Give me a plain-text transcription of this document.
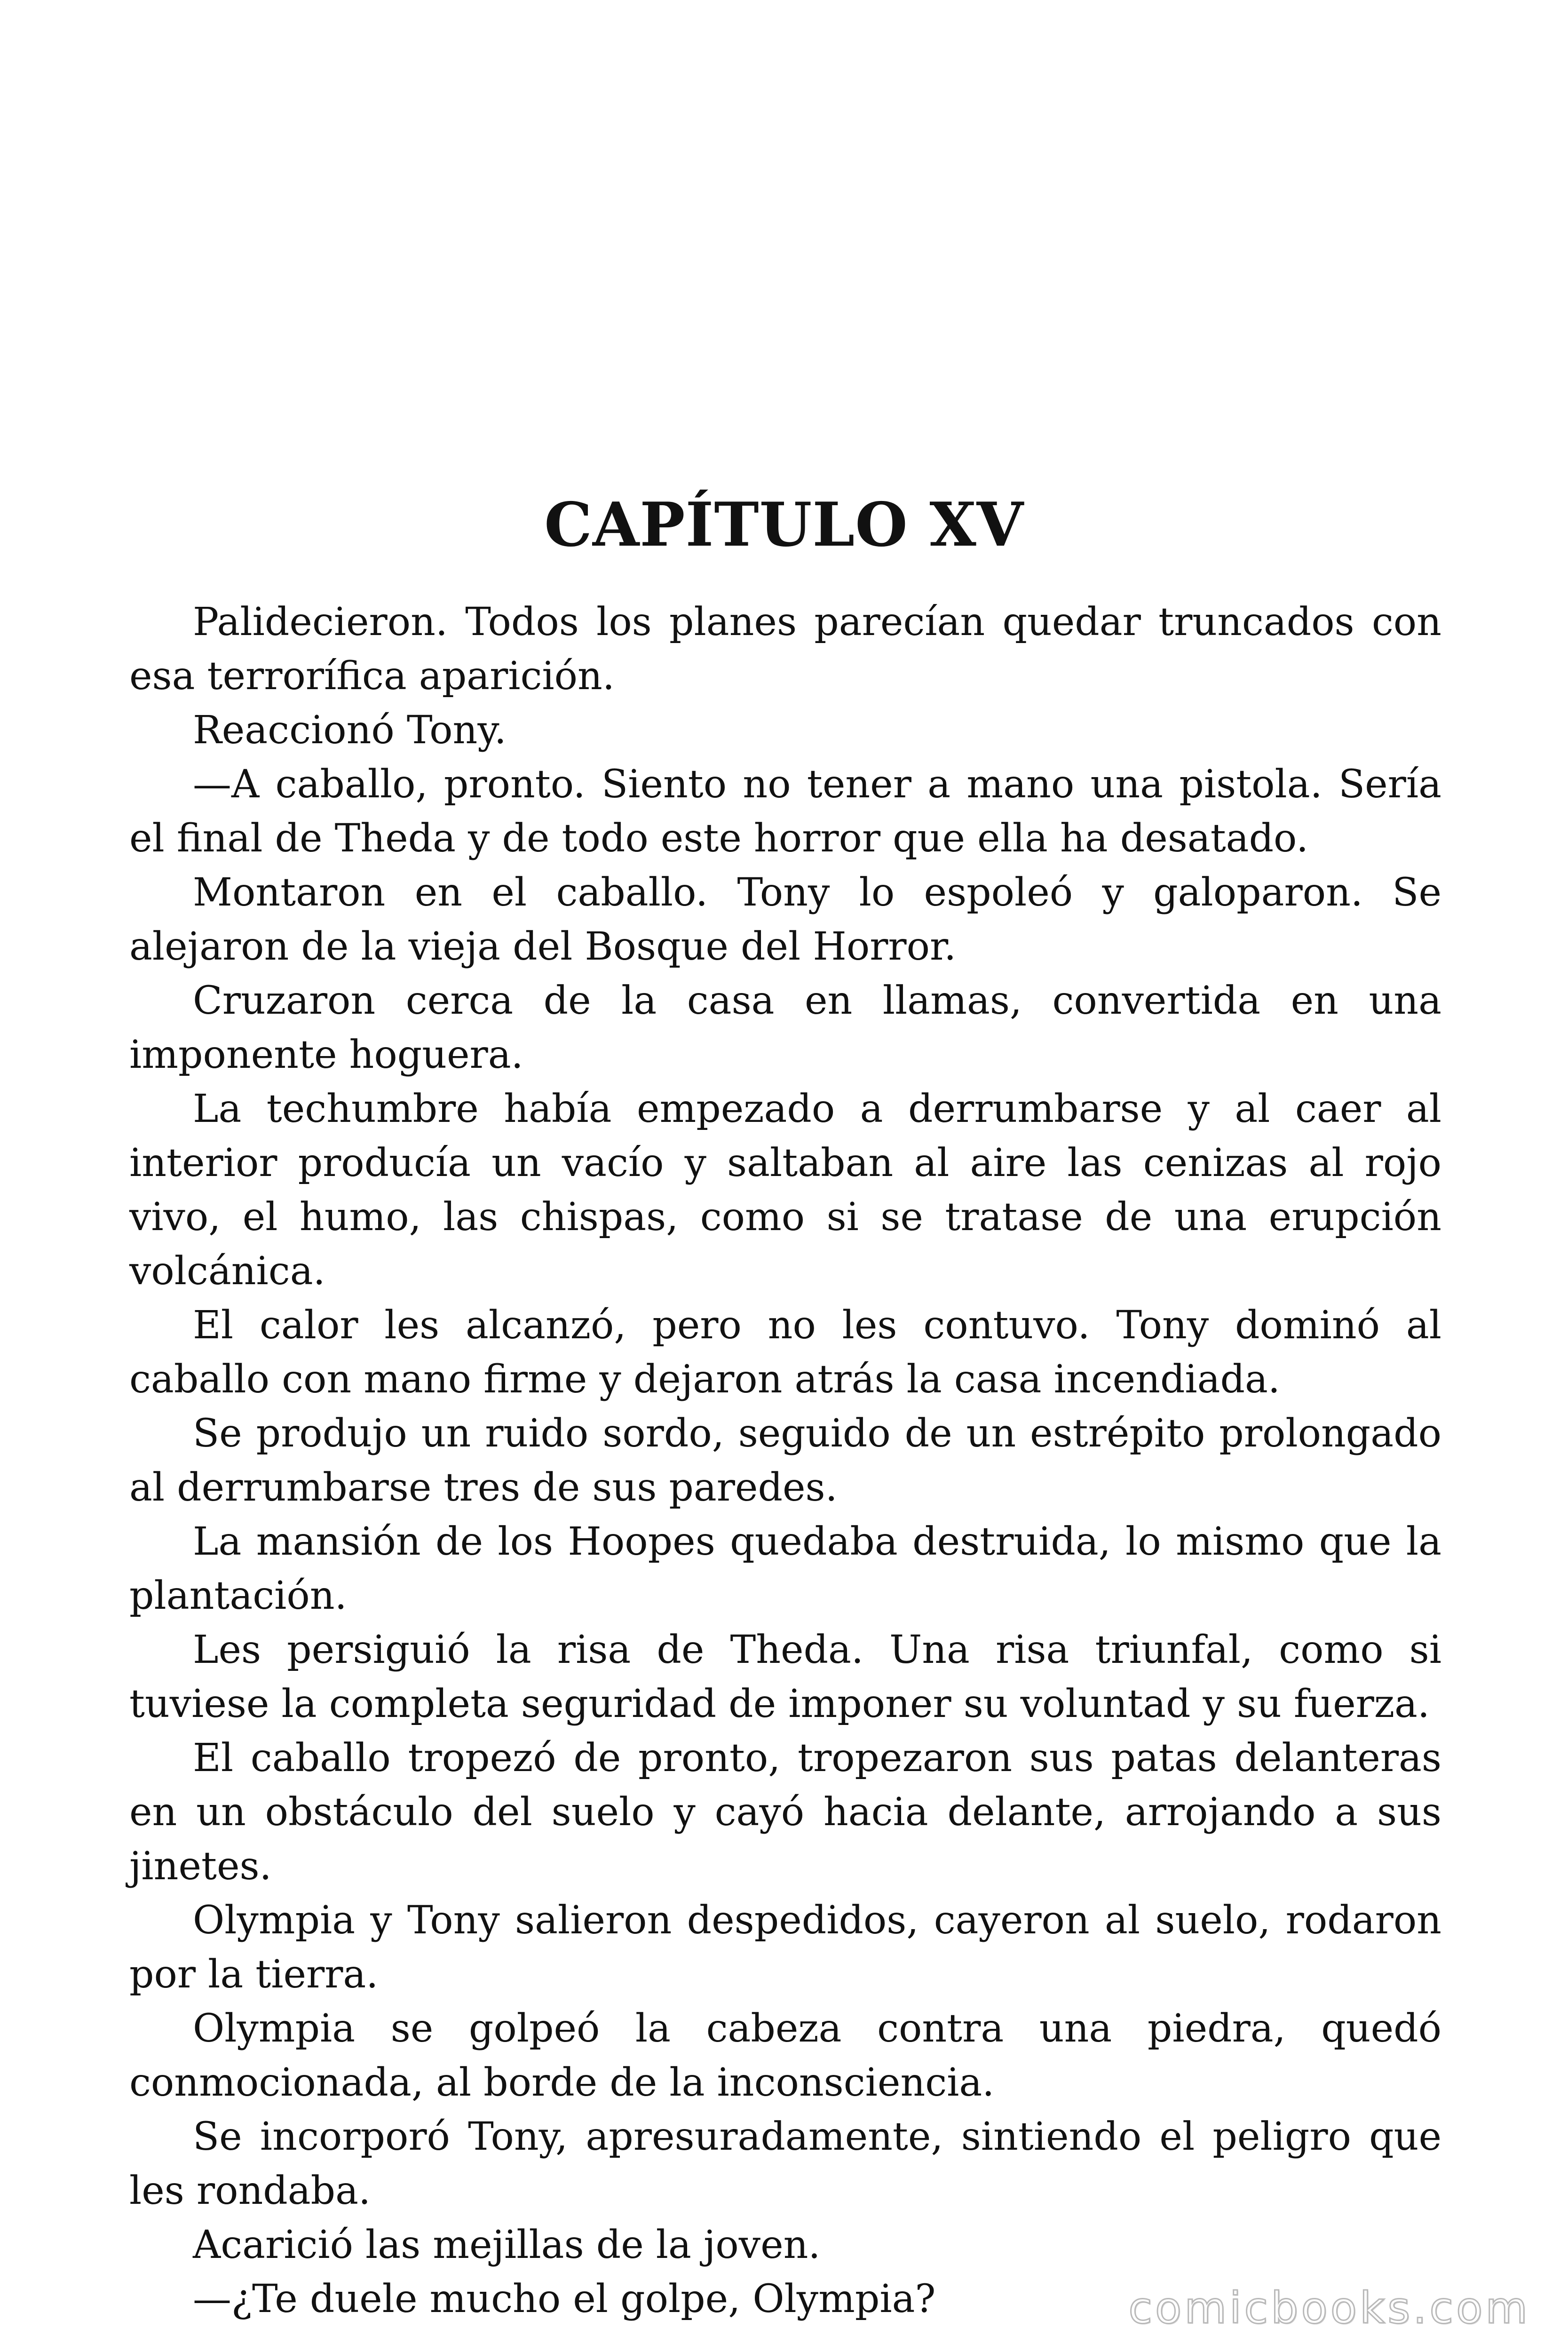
CAPÍTULO XV

Palidecieron. Todos los planes parecían quedar truncados con esa terrorífica aparición.

Reaccionó Tony.

—A caballo, pronto. Siento no tener a mano una pistola. Sería el final de Theda y de todo este horror que ella ha desatado.

Montaron en el caballo. Tony lo espoleó y galoparon. Se alejaron de la vieja del Bosque del Horror.

Cruzaron cerca de la casa en llamas, convertida en una imponente hoguera.

La techumbre había empezado a derrumbarse y al caer al interior producía un vacío y saltaban al aire las cenizas al rojo vivo, el humo, las chispas, como si se tratase de una erupción volcánica.

El calor les alcanzó, pero no les contuvo. Tony dominó al caballo con mano firme y dejaron atrás la casa incendiada.

Se produjo un ruido sordo, seguido de un estrépito prolongado al derrumbarse tres de sus paredes.

La mansión de los Hoopes quedaba destruida, lo mismo que la plantación.

Les persiguió la risa de Theda. Una risa triunfal, como si tuviese la completa seguridad de imponer su voluntad y su fuerza.

El caballo tropezó de pronto, tropezaron sus patas delanteras en un obstáculo del suelo y cayó hacia delante, arrojando a sus jinetes.

Olympia y Tony salieron despedidos, cayeron al suelo, rodaron por la tierra.

Olympia se golpeó la cabeza contra una piedra, quedó conmocionada, al borde de la inconsciencia.

Se incorporó Tony, apresuradamente, sintiendo el peligro que les rondaba.

Acarició las mejillas de la joven.

—¿Te duele mucho el golpe, Olympia?	comicbooks.com
